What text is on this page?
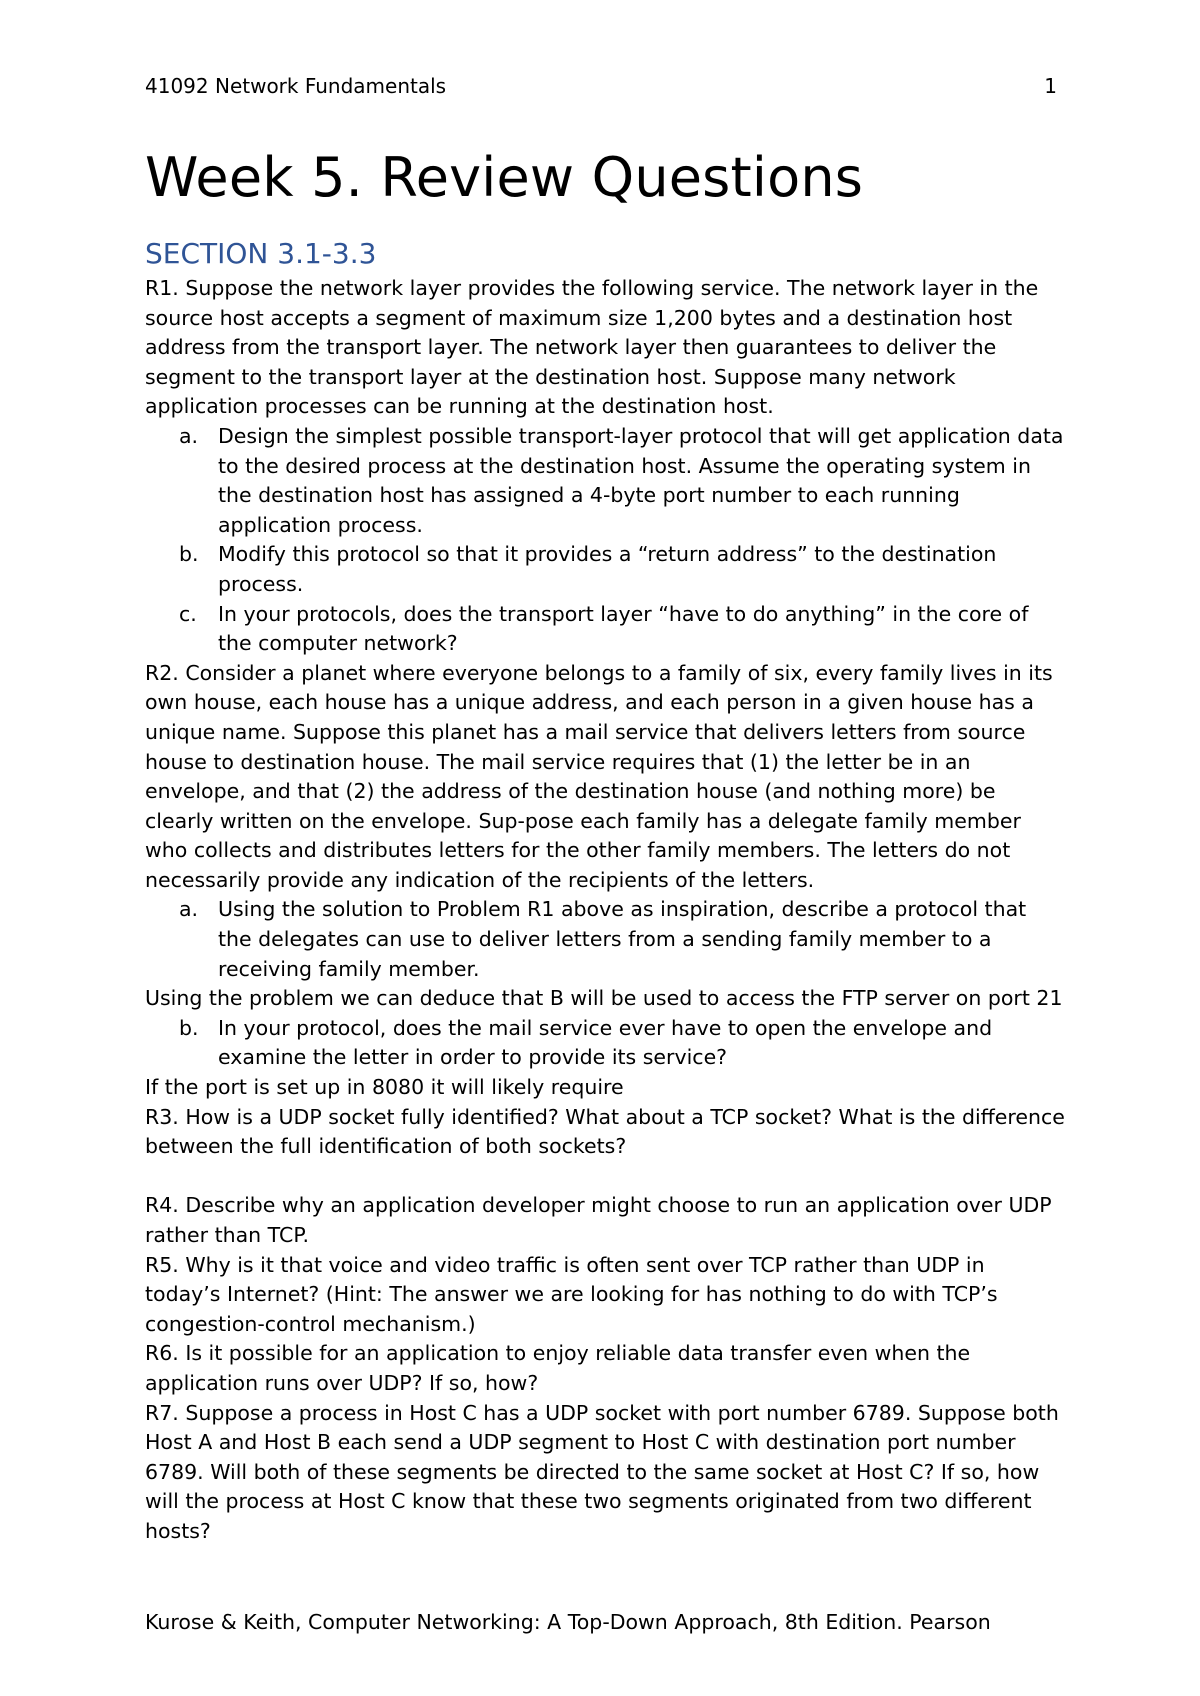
41092 Network Fundamentals	1
Week 5. Review Questions
SECTION 3.1-3.3

R1. Suppose the network layer provides the following service. The network layer in the source host accepts a segment of maximum size 1,200 bytes and a destination host address from the transport layer. The network layer then guarantees to deliver the segment to the transport layer at the destination host. Suppose many network application processes can be running at the destination host.

a. Design the simplest possible transport-layer protocol that will get application data to the desired process at the destination host. Assume the operating system in the destination host has assigned a 4-byte port number to each running application process.
b. Modify this protocol so that it provides a “return address” to the destination process.
c. In your protocols, does the transport layer “have to do anything” in the core of the computer network?

R2. Consider a planet where everyone belongs to a family of six, every family lives in its own house, each house has a unique address, and each person in a given house has a unique name. Suppose this planet has a mail service that delivers letters from source house to destination house. The mail service requires that (1) the letter be in an envelope, and that (2) the address of the destination house (and nothing more) be clearly written on the envelope. Sup-pose each family has a delegate family member who collects and distributes letters for the other family members. The letters do not necessarily provide any indication of the recipients of the letters.

a. Using the solution to Problem R1 above as inspiration, describe a protocol that the delegates can use to deliver letters from a sending family member to a receiving family member.

Using the problem we can deduce that B will be used to access the FTP server on port 21

b. In your protocol, does the mail service ever have to open the envelope and examine the letter in order to provide its service?

If the port is set up in 8080 it will likely require

R3. How is a UDP socket fully identified? What about a TCP socket? What is the difference between the full identification of both sockets?

R4. Describe why an application developer might choose to run an application over UDP rather than TCP.

R5. Why is it that voice and video traffic is often sent over TCP rather than UDP in today’s Internet? (Hint: The answer we are looking for has nothing to do with TCP’s congestion-control mechanism.)

R6. Is it possible for an application to enjoy reliable data transfer even when the application runs over UDP? If so, how?

R7. Suppose a process in Host C has a UDP socket with port number 6789. Suppose both Host A and Host B each send a UDP segment to Host C with destination port number 6789. Will both of these segments be directed to the same socket at Host C? If so, how will the process at Host C know that these two segments originated from two different hosts?

Kurose & Keith, Computer Networking: A Top-Down Approach, 8th Edition. Pearson
